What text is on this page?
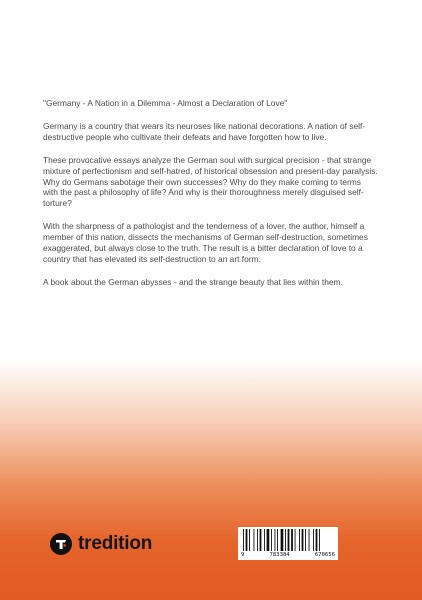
"Germany - A Nation in a Dilemma - Almost a Declaration of Love"

Germany is a country that wears its neuroses like national decorations. A nation of self-destructive people who cultivate their defeats and have forgotten how to live.

These provocative essays analyze the German soul with surgical precision - that strange mixture of perfectionism and self-hatred, of historical obsession and present-day paralysis. Why do Germans sabotage their own successes? Why do they make coming to terms with the past a philosophy of life? And why is their thoroughness merely disguised self-torture?

With the sharpness of a pathologist and the tenderness of a lover, the author, himself a member of this nation, dissects the mechanisms of German self-destruction, sometimes exaggerated, but always close to the truth. The result is a bitter declaration of love to a country that has elevated its self-destruction to an art form.

A book about the German abysses - and the strange beauty that lies within them.

tredition
9	783384	670656
